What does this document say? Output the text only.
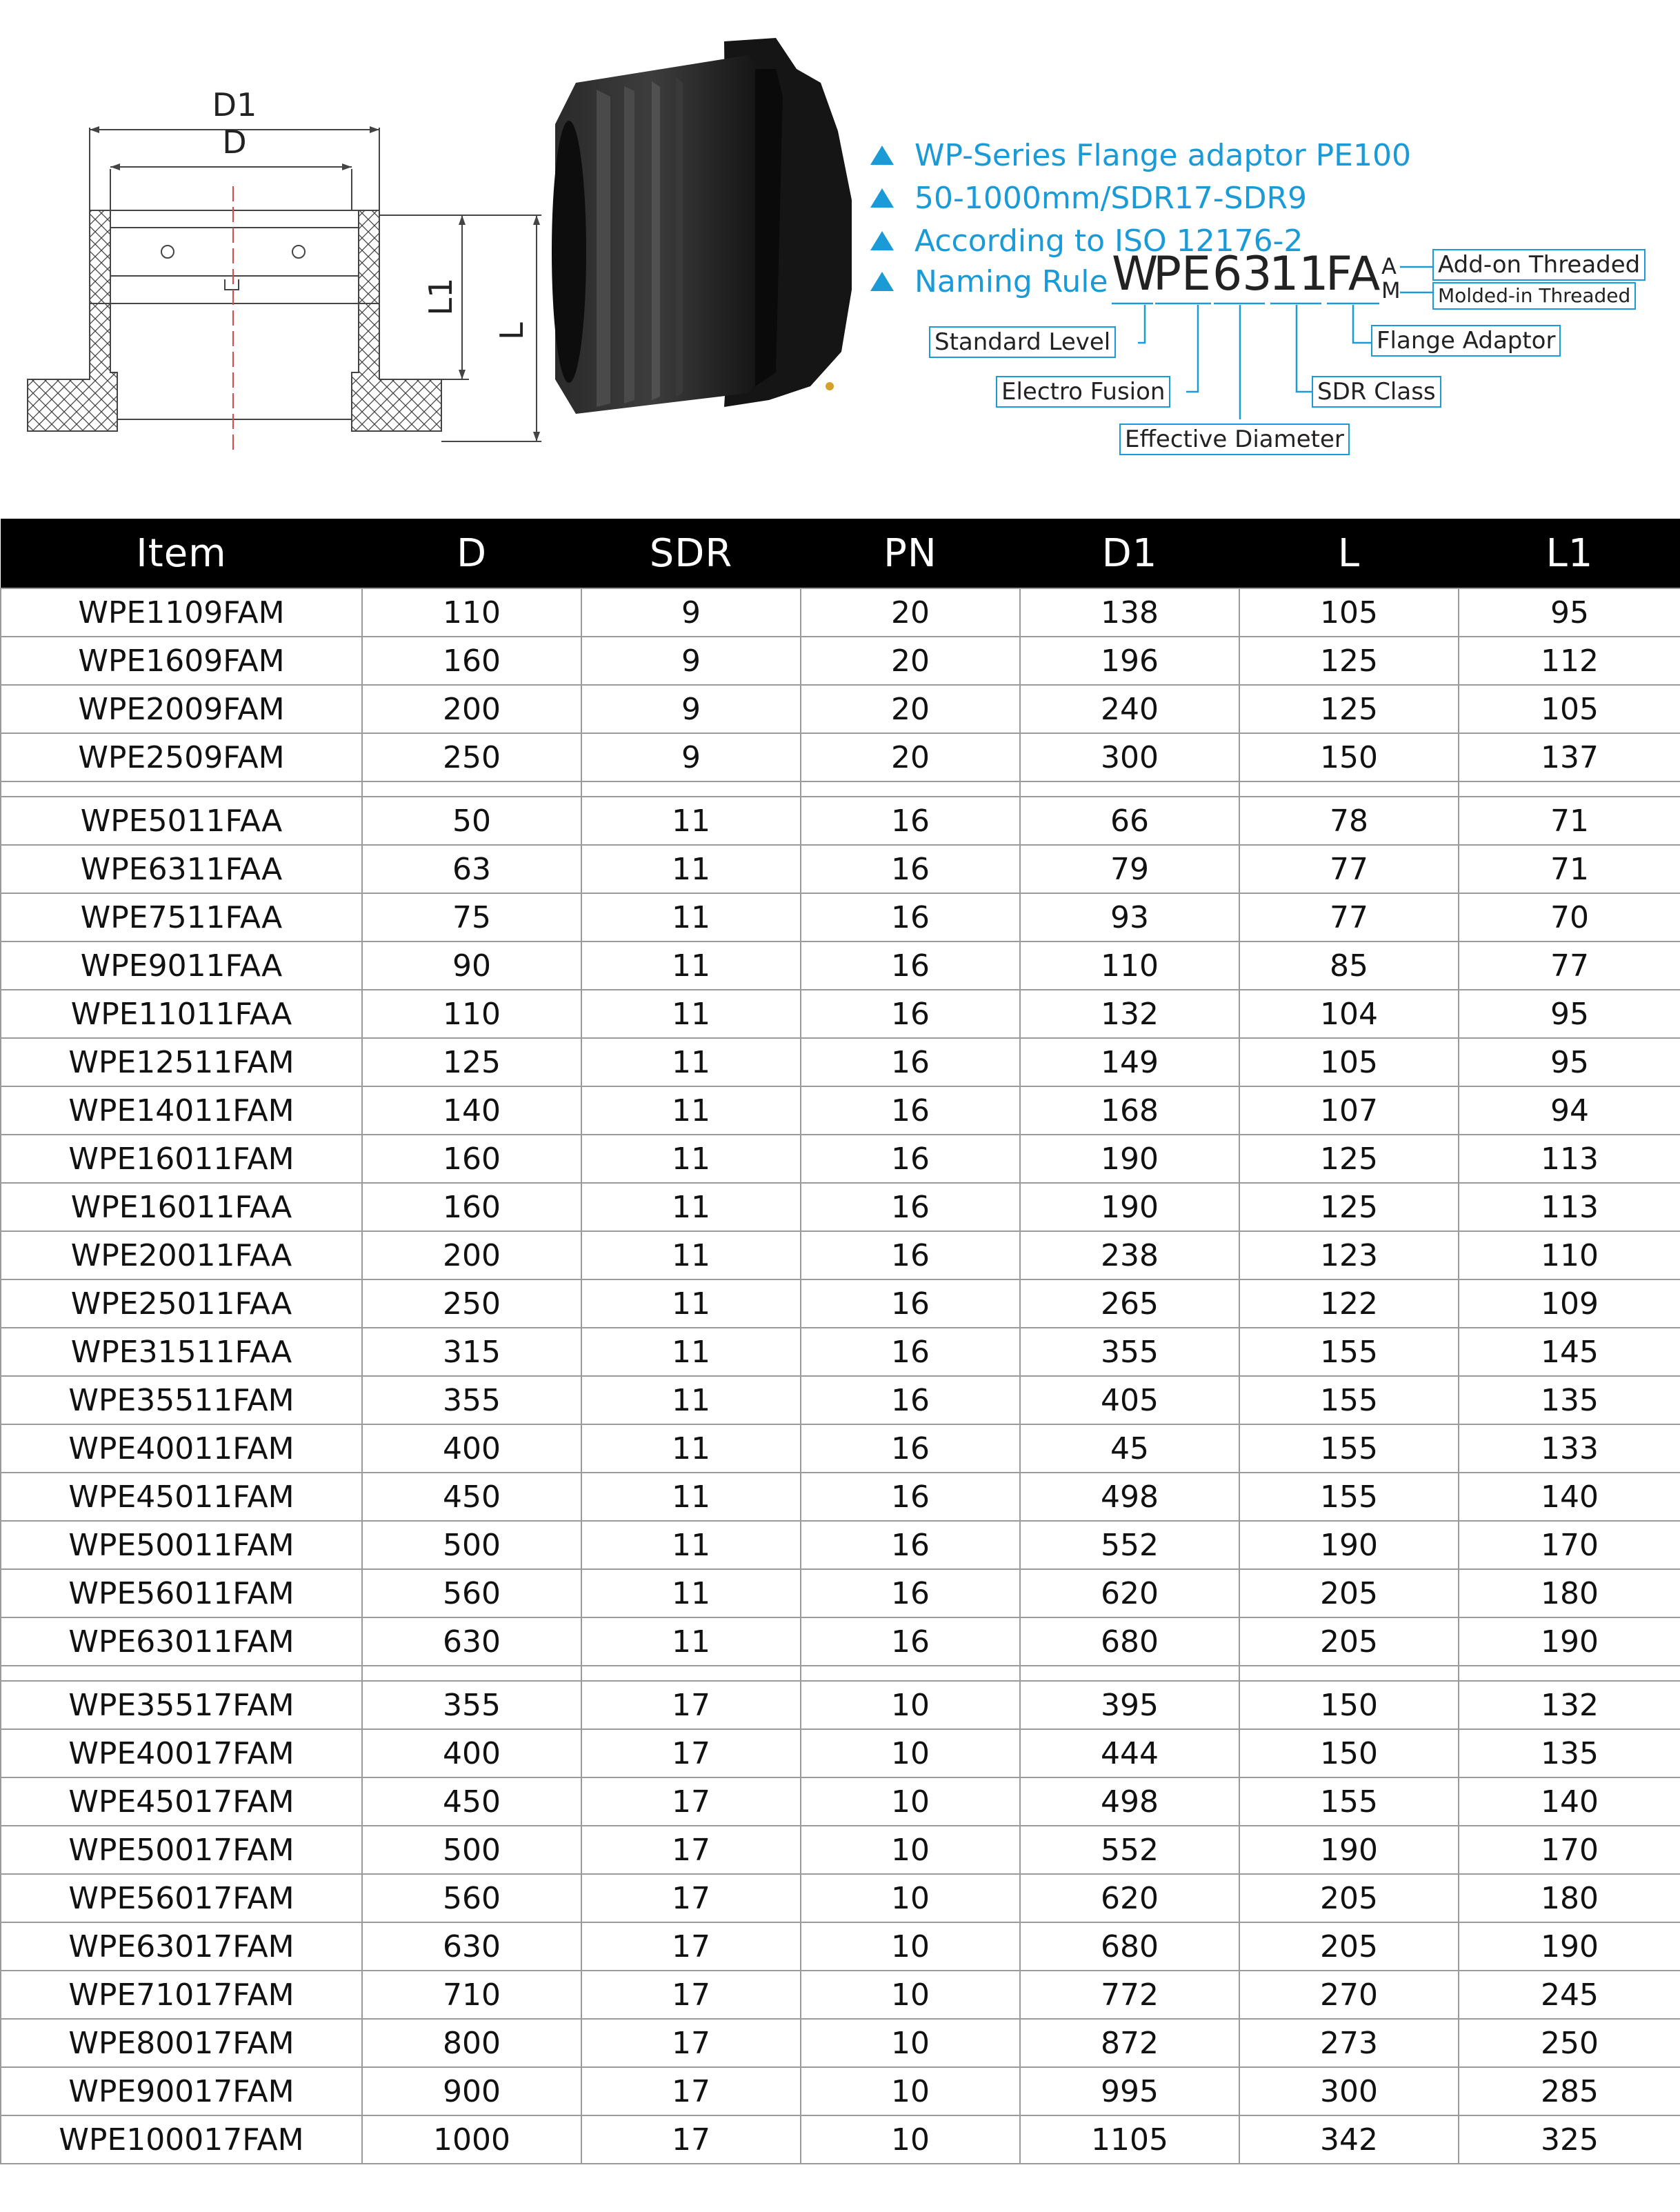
D1
D
L1
L
WP-Series Flange adaptor PE100
50-1000mm/SDR17-SDR9
According to ISO 12176-2
Naming Rule W
PE 63
11
FA A
M
Add-on Threaded
Molded-in Threaded
Standard Level	Flange Adaptor
Electro Fusion	SDR Class
Effective Diameter
Item	D	SDR	PN	D1	L	L1
WPE1109FAM	110	9	20	138	105	95
WPE1609FAM	160	9	20	196	125	112
WPE2009FAM	200	9	20	240	125	105
WPE2509FAM	250	9	20	300	150	137

WPE5011FAA	50	11	16	66	78	71
WPE6311FAA	63	11	16	79	77	71
WPE7511FAA	75	11	16	93	77	70
WPE9011FAA	90	11	16	110	85	77
WPE11011FAA	110	11	16	132	104	95
WPE12511FAM	125	11	16	149	105	95
WPE14011FAM	140	11	16	168	107	94
WPE16011FAM	160	11	16	190	125	113
WPE16011FAA	160	11	16	190	125	113
WPE20011FAA	200	11	16	238	123	110
WPE25011FAA	250	11	16	265	122	109
WPE31511FAA	315	11	16	355	155	145
WPE35511FAM	355	11	16	405	155	135
WPE40011FAM	400	11	16	45	155	133
WPE45011FAM	450	11	16	498	155	140
WPE50011FAM	500	11	16	552	190	170
WPE56011FAM	560	11	16	620	205	180
WPE63011FAM	630	11	16	680	205	190

WPE35517FAM	355	17	10	395	150	132
WPE40017FAM	400	17	10	444	150	135
WPE45017FAM	450	17	10	498	155	140
WPE50017FAM	500	17	10	552	190	170
WPE56017FAM	560	17	10	620	205	180
WPE63017FAM	630	17	10	680	205	190
WPE71017FAM	710	17	10	772	270	245
WPE80017FAM	800	17	10	872	273	250
WPE90017FAM	900	17	10	995	300	285
WPE100017FAM	1000	17	10	1105	342	325
